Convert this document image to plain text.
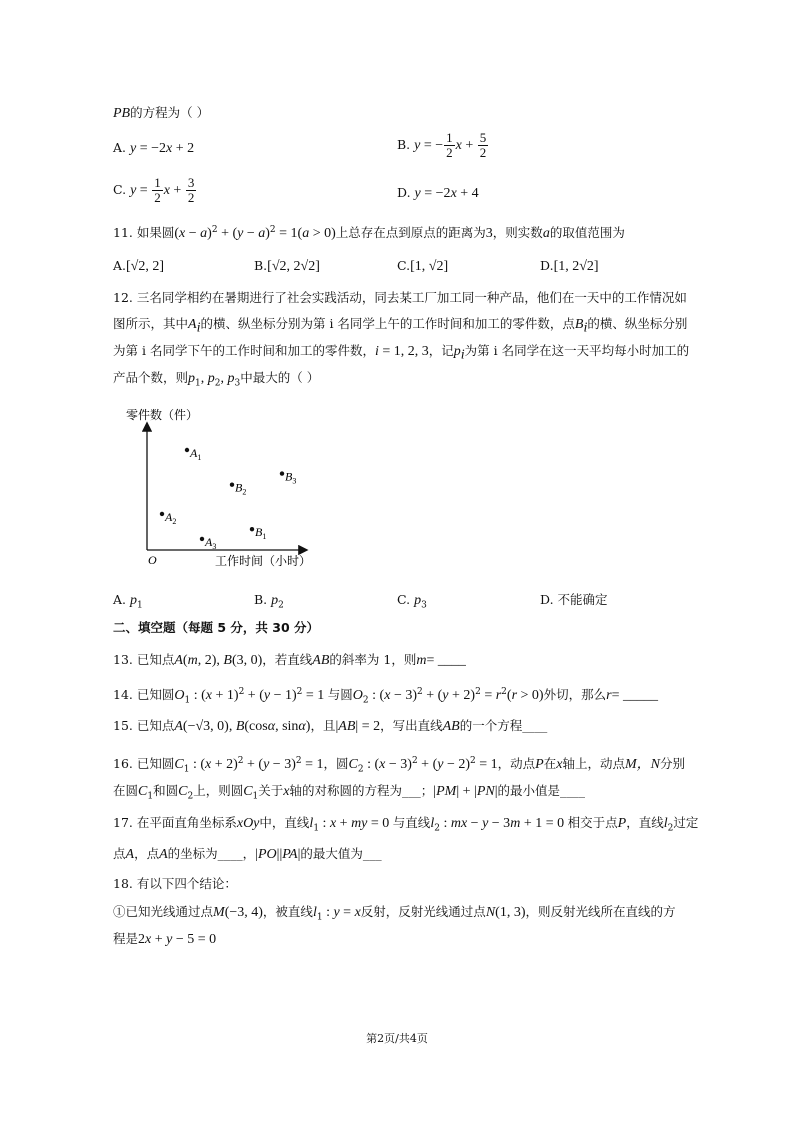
PB的方程为（ ）
A. y = −2x + 2	B. y = − $\frac{1}{2}$ $x + \frac{5}{2}$
C. $y = \frac{1}{2}$ $x + \frac{3}{2}$	D. y = −2x + 4
11. 如果圆$(x - a)^2 + (y - a)^2 = 1(a > 0)$上总存在点到原点的距离为3，则实数a的取值范围为
A.[√2, 2]	B.[√2, 2√2]	C.[1, √2]	D.[1, 2√2]
12. 三名同学相约在暑期进行了社会实践活动，同去某工厂加工同一种产品，他们在一天中的工作情况如
图所示，其中$A_i$的横、纵坐标分别为第 i 名同学上午的工作时间和加工的零件数，点$B_i$的横、纵坐标分别
为第 i 名同学下午的工作时间和加工的零件数，i = 1, 2, 3，记$p_i$为第 i 名同学在这一天平均每小时加工的
产品个数，则$p_1$, $p_2$, $p_3$中最大的（ ）
零件数（件）
工作时间（小时）
O
$A_1$
$A_2$
$A_3$
$B_1$
$B_2$
$B_3$
A. $p_1$	B. $p_2$	C. $p_3$	D. 不能确定
二、填空题（每题 5 分，共 30 分）
13. 已知点A(m, 2), B(3, 0)，若直线AB的斜率为 1，则m= ____
14. 已知圆$O_1$ : $(x + 1)^2 + (y - 1)^2 = 1$ 与圆$O_2$ : $(x - 3)^2 + (y + 2)^2 = r^2(r > 0)$外切，那么r= _____
15. 已知点A(−√3, 0), B(cosα, sinα)，且|AB| = 2，写出直线AB的一个方程____
16. 已知圆$C_1$ : $(x + 2)^2 + (y - 3)^2 = 1$，圆$C_2$ : $(x - 3)^2 + (y - 2)^2 = 1$，动点P在x轴上，动点M，N分别
在圆$C_1$和圆$C_2$上，则圆$C_1$关于x轴的对称圆的方程为___；|PM| + |PN|的最小值是____
17. 在平面直角坐标系xOy中，直线$l_1$ : x + my = 0 与直线$l_2$ : mx − y − 3m + 1 = 0 相交于点P，直线$l_2$过定
点A，点A的坐标为____，|PO||PA|的最大值为___
18. 有以下四个结论：
①已知光线通过点M(−3, 4)，被直线$l_1$ : y = x反射，反射光线通过点N(1, 3)，则反射光线所在直线的方
程是2x + y − 5 = 0
第2页/共4页
